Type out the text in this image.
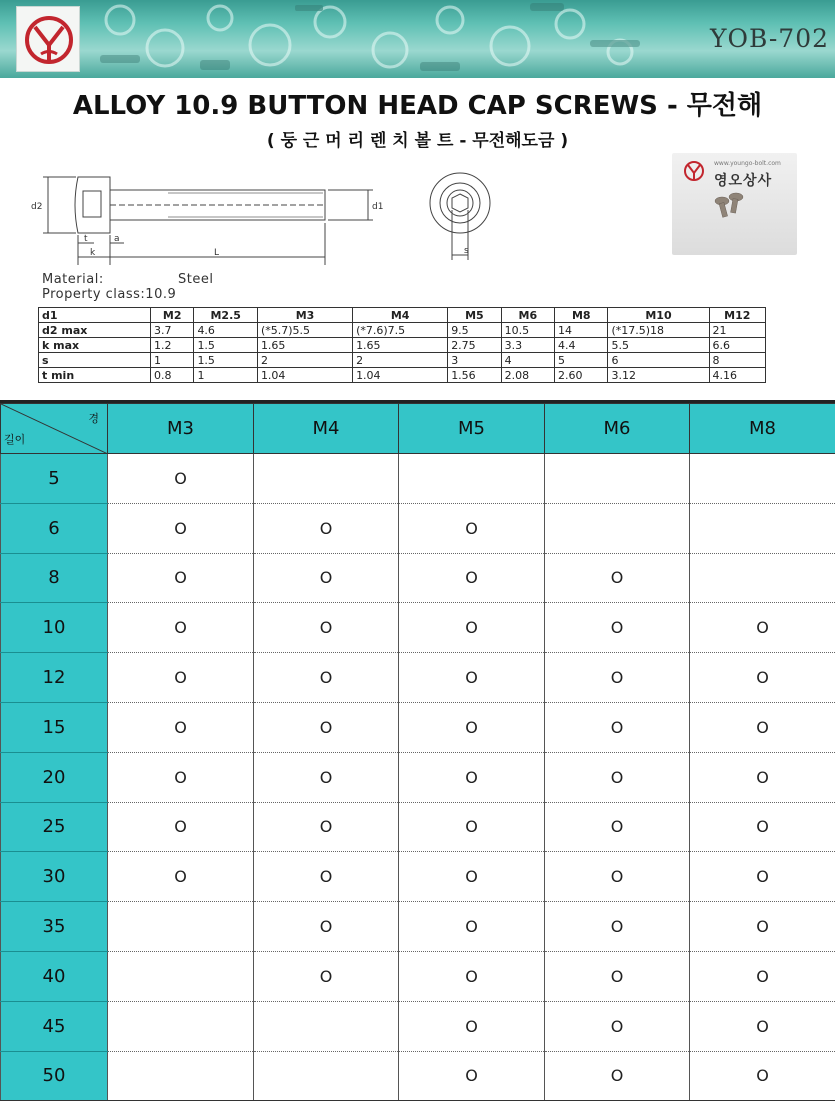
YOB-702
ALLOY 10.9 BUTTON HEAD CAP SCREWS - 무전해
( 둥 근 머 리 렌 치 볼 트 - 무전해도금 )
d2	d1
t	a
k	L	s
Material:	Steel
Property class:10.9
www.youngo-bolt.com
영오상사
d1	M2	M2.5	M3	M4	M5	M6	M8	M10	M12
d2 max	3.7	4.6	(*5.7)5.5	(*7.6)7.5	9.5	10.5	14	(*17.5)18	21
k max	1.2	1.5	1.65	1.65	2.75	3.3	4.4	5.5	6.6
s	1	1.5	2	2	3	4	5	6	8
t min	0.8	1	1.04	1.04	1.56	2.08	2.60	3.12	4.16
경
길이	M3	M4	M5	M6	M8
5	O				
6	O	O	O		
8	O	O	O	O	
10	O	O	O	O	O
12	O	O	O	O	O
15	O	O	O	O	O
20	O	O	O	O	O
25	O	O	O	O	O
30	O	O	O	O	O
35		O	O	O	O
40		O	O	O	O
45			O	O	O
50			O	O	O
